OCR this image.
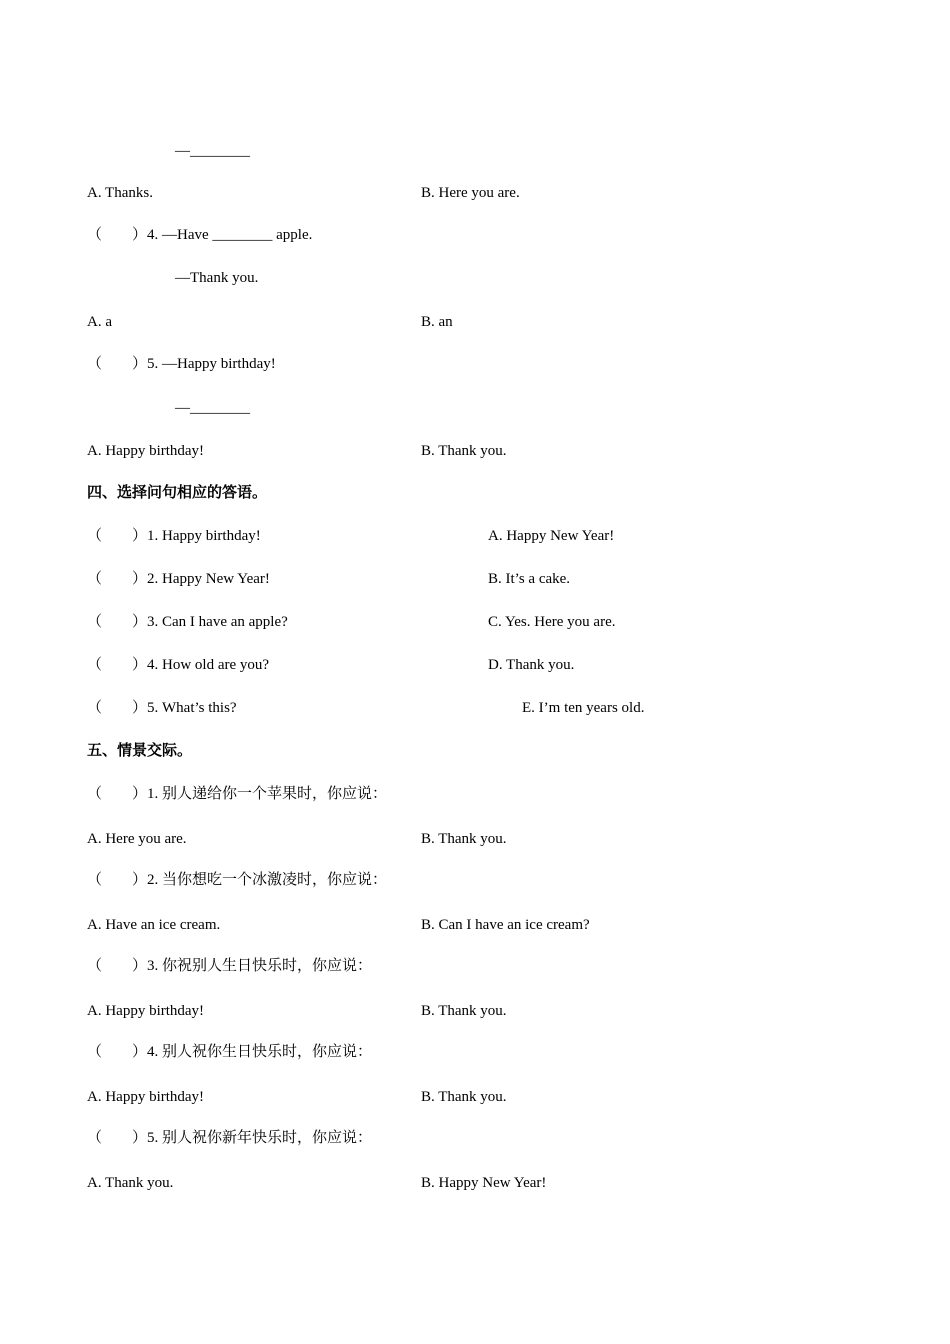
—________
A. Thanks.	B. Here you are.
（　　）4. —Have ________ apple.
—Thank you.
A. a	B. an
（　　）5. —Happy birthday!
—________
A. Happy birthday!	B. Thank you.
四、选择问句相应的答语。
（　　）1. Happy birthday!	A. Happy New Year!
（　　）2. Happy New Year!	B. It’s a cake.
（　　）3. Can I have an apple?	C. Yes. Here you are.
（　　）4. How old are you?	D. Thank you.
（　　）5. What’s this?	E. I’m ten years old.
五、情景交际。
（　　）1. 别人递给你一个苹果时，你应说：
A. Here you are.	B. Thank you.
（　　）2. 当你想吃一个冰激凌时，你应说：
A. Have an ice cream.	B. Can I have an ice cream?
（　　）3. 你祝别人生日快乐时，你应说：
A. Happy birthday!	B. Thank you.
（　　）4. 别人祝你生日快乐时，你应说：
A. Happy birthday!	B. Thank you.
（　　）5. 别人祝你新年快乐时，你应说：
A. Thank you.	B. Happy New Year!
